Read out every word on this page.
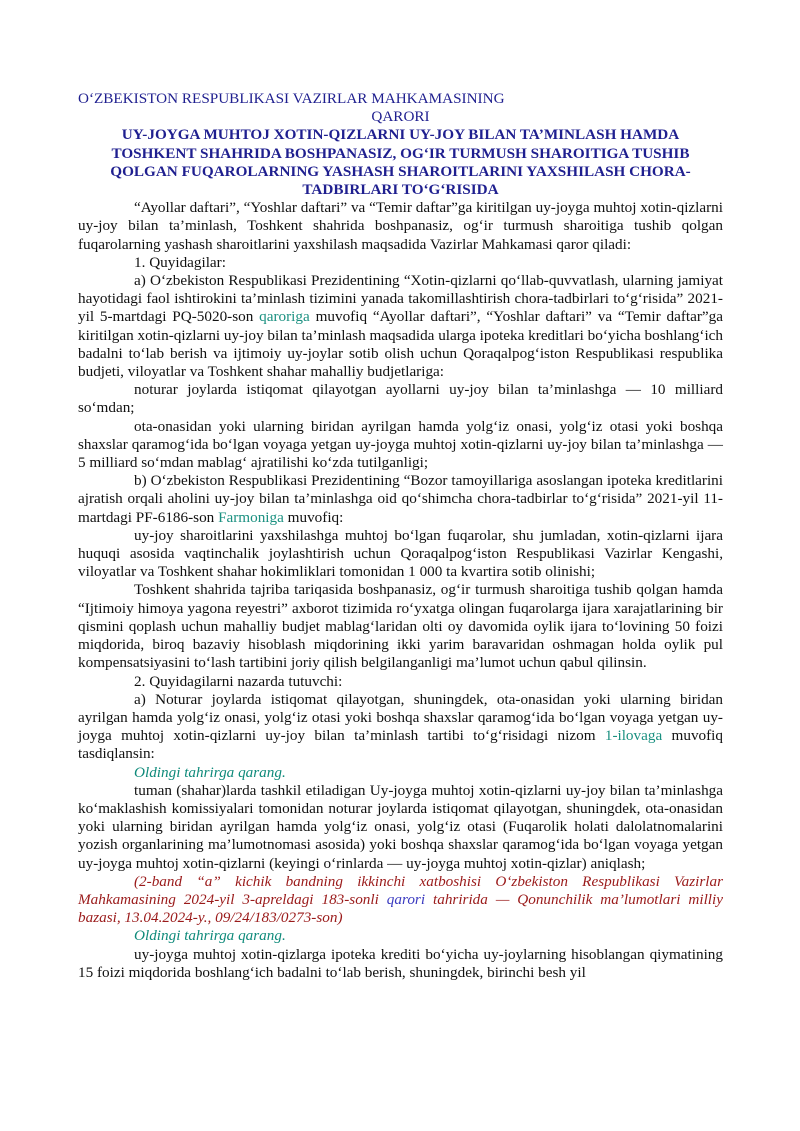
O‘ZBEKISTON RESPUBLIKASI VAZIRLAR MAHKAMASINING

QARORI

UY-JOYGA MUHTOJ XOTIN-QIZLARNI UY-JOY BILAN TA’MINLASH HAMDA
TOSHKENT SHAHRIDA BOSHPANASIZ, OG‘IR TURMUSH SHAROITIGA TUSHIB
QOLGAN FUQAROLARNING YASHASH SHAROITLARINI YAXSHILASH CHORA-
TADBIRLARI TO‘G‘RISIDA

“Ayollar daftari”, “Yoshlar daftari” va “Temir daftar”ga kiritilgan uy-joyga muhtoj xotin-qizlarni uy-joy bilan ta’minlash, Toshkent shahrida boshpanasiz, og‘ir turmush sharoitiga tushib qolgan fuqarolarning yashash sharoitlarini yaxshilash maqsadida Vazirlar Mahkamasi qaror qiladi:

1. Quyidagilar:

a) O‘zbekiston Respublikasi Prezidentining “Xotin-qizlarni qo‘llab-quvvatlash, ularning jamiyat hayotidagi faol ishtirokini ta’minlash tizimini yanada takomillashtirish chora-tadbirlari to‘g‘risida” 2021-yil 5-martdagi PQ-5020-son qaroriga muvofiq “Ayollar daftari”, “Yoshlar daftari” va “Temir daftar”ga kiritilgan xotin-qizlarni uy-joy bilan ta’minlash maqsadida ularga ipoteka kreditlari bo‘yicha boshlang‘ich badalni to‘lab berish va ijtimoiy uy-joylar sotib olish uchun Qoraqalpog‘iston Respublikasi respublika budjeti, viloyatlar va Toshkent shahar mahalliy budjetlariga:

noturar joylarda istiqomat qilayotgan ayollarni uy-joy bilan ta’minlashga — 10 milliard so‘mdan;

ota-onasidan yoki ularning biridan ayrilgan hamda yolg‘iz onasi, yolg‘iz otasi yoki boshqa shaxslar qaramog‘ida bo‘lgan voyaga yetgan uy-joyga muhtoj xotin-qizlarni uy-joy bilan ta’minlashga — 5 milliard so‘mdan mablag‘ ajratilishi ko‘zda tutilganligi;

b) O‘zbekiston Respublikasi Prezidentining “Bozor tamoyillariga asoslangan ipoteka kreditlarini ajratish orqali aholini uy-joy bilan ta’minlashga oid qo‘shimcha chora-tadbirlar to‘g‘risida” 2021-yil 11-martdagi PF-6186-son Farmoniga muvofiq:

uy-joy sharoitlarini yaxshilashga muhtoj bo‘lgan fuqarolar, shu jumladan, xotin-qizlarni ijara huquqi asosida vaqtinchalik joylashtirish uchun Qoraqalpog‘iston Respublikasi Vazirlar Kengashi, viloyatlar va Toshkent shahar hokimliklari tomonidan 1 000 ta kvartira sotib olinishi;

Toshkent shahrida tajriba tariqasida boshpanasiz, og‘ir turmush sharoitiga tushib qolgan hamda “Ijtimoiy himoya yagona reyestri” axborot tizimida ro‘yxatga olingan fuqarolarga ijara xarajatlarining bir qismini qoplash uchun mahalliy budjet mablag‘laridan olti oy davomida oylik ijara to‘lovining 50 foizi miqdorida, biroq bazaviy hisoblash miqdorining ikki yarim baravaridan oshmagan holda oylik pul kompensatsiyasini to‘lash tartibini joriy qilish belgilanganligi ma’lumot uchun qabul qilinsin.

2. Quyidagilarni nazarda tutuvchi:

a) Noturar joylarda istiqomat qilayotgan, shuningdek, ota-onasidan yoki ularning biridan ayrilgan hamda yolg‘iz onasi, yolg‘iz otasi yoki boshqa shaxslar qaramog‘ida bo‘lgan voyaga yetgan uy-joyga muhtoj xotin-qizlarni uy-joy bilan ta’minlash tartibi to‘g‘risidagi nizom 1-ilovaga muvofiq tasdiqlansin:

Oldingi tahrirga qarang.

tuman (shahar)larda tashkil etiladigan Uy-joyga muhtoj xotin-qizlarni uy-joy bilan ta’minlashga ko‘maklashish komissiyalari tomonidan noturar joylarda istiqomat qilayotgan, shuningdek, ota-onasidan yoki ularning biridan ayrilgan hamda yolg‘iz onasi, yolg‘iz otasi (Fuqarolik holati dalolatnomalarini yozish organlarining ma’lumotnomasi asosida) yoki boshqa shaxslar qaramog‘ida bo‘lgan voyaga yetgan uy-joyga muhtoj xotin-qizlarni (keyingi o‘rinlarda — uy-joyga muhtoj xotin-qizlar) aniqlash;

(2-band “a” kichik bandning ikkinchi xatboshisi O‘zbekiston Respublikasi Vazirlar Mahkamasining 2024-yil 3-apreldagi 183-sonli qarori tahririda — Qonunchilik ma’lumotlari milliy bazasi, 13.04.2024-y., 09/24/183/0273-son)

Oldingi tahrirga qarang.

uy-joyga muhtoj xotin-qizlarga ipoteka krediti bo‘yicha uy-joylarning hisoblangan qiymatining 15 foizi miqdorida boshlang‘ich badalni to‘lab berish, shuningdek, birinchi besh yil
